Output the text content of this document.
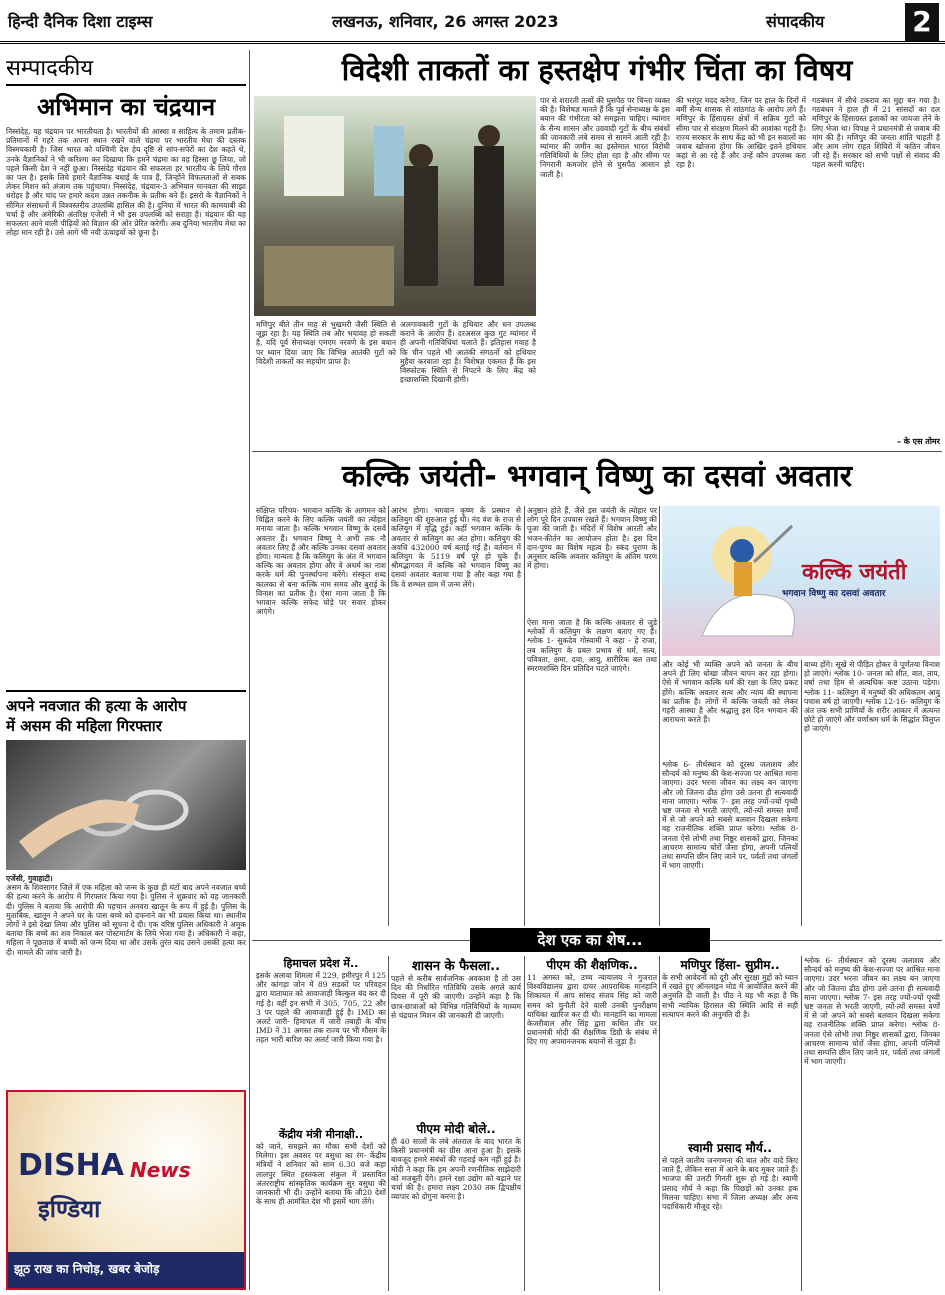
हिन्दी दैनिक दिशा टाइम्स	लखनऊ, शनिवार, 26 अगस्त 2023	संपादकीय	2
सम्पादकीय
अभिमान का चंद्रयान
निस्संदेह, यह चंद्रयान पर भारतीयता है। भारतीयों की आस्था व साहित्य के तमाम प्रतीक-प्रतिमानों में गहरे तक अपना स्थान रखने वाले चंद्रमा पर भारतीय मेधा की दस्तक विस्मयकारी है। जिस भारत को पश्चिमी देश हेय दृष्टि से सांप-सपेरों का देश कहते थे, उनके वैज्ञानिकों ने भी करिश्मा कर दिखाया कि हमने चंद्रमा का वह हिस्सा छू लिया, जो पहले किसी देश ने नहीं छुआ। निस्संदेह चंद्रयान की सफलता हर भारतीय के लिये गौरव का पल है। इसके लिये हमारे वैज्ञानिक बधाई के पात्र हैं, जिन्होंने विफलताओं से सबक लेकर मिशन को अंजाम तक पहुंचाया। निस्संदेह, चंद्रयान-3 अभियान मानवता की साझा धरोहर है और चांद पर हमारे कदम उन्नत तकनीक के प्रतीक बने हैं। इसरो के वैज्ञानिकों ने सीमित संसाधनों में विश्वस्तरीय उपलब्धि हासिल की है। दुनिया में भारत की कामयाबी की चर्चा है और अमेरिकी अंतरिक्ष एजेंसी ने भी इस उपलब्धि को सराहा है। चंद्रयान की यह सफलता आने वाली पीढ़ियों को विज्ञान की ओर प्रेरित करेगी। अब दुनिया भारतीय मेधा का लोहा मान रही है। उसे आगे भी नयी ऊंचाइयों को छूना है।
अपने नवजात की हत्या के आरोप
में असम की महिला गिरफ्तार
एजेंसी, गुवाहाटी।
असम के शिवसागर जिले में एक महिला को जन्म के कुछ ही घंटों बाद अपने नवजात बच्चे की हत्या करने के आरोप में गिरफ्तार किया गया है। पुलिस ने शुक्रवार को यह जानकारी दी। पुलिस ने बताया कि आरोपी की पहचान अनवरा खातून के रूप में हुई है। पुलिस के मुताबिक, खातून ने अपने घर के पास बच्चे को दफनाने का भी प्रयास किया था। स्थानीय लोगों ने इसे देखा लिया और पुलिस को सूचना दे दी। एक वरिष्ठ पुलिस अधिकारी ने अमुक बताया कि बच्चे का शव निकाल कर पोस्टमार्टम के लिये भेजा गया है। अधिकारी ने कहा, महिला ने पूछताछ में बच्ची को जन्म दिया था और उसके तुरंत बाद उसने उसकी हत्या कर दी। मामले की जांच जारी है।
DISHA News
इण्डिया
झूठ राख का निचोड़, खबर बेजोड़
विदेशी ताकतों का हस्तक्षेप गंभीर चिंता का विषय
मणिपुर बीते तीन माह से भुखमरी जैसी स्थिति से जूझ रहा है। यह स्थिति तब और भयावह हो सकती है, यदि पूर्व सेनाध्यक्ष एमएम नरवणे के इस बयान पर ध्यान दिया जाए कि विभिन्न आतंकी गुटों को विदेशी ताकतों का सहयोग प्राप्त है।
अलगावकारी गुटों के हथियार और धन उपलब्ध कराने के आरोप हैं। दरअसल कुछ गुट म्यांमार में ही अपनी गतिविधियां चलाते हैं। इतिहास गवाह है कि चीन पहले भी आतंकी संगठनों को हथियार मुहैया करवाता रहा है। विशेषज्ञ एकमत हैं कि इस विस्फोटक स्थिति से निपटने के लिए केंद्र को इच्छाशक्ति दिखानी होगी।
पार से शरारती तत्वों की घुसपैठ पर चिन्ता व्यक्त की है। विशेषज्ञ मानते हैं कि पूर्व सेनाध्यक्ष के इस बयान की गंभीरता को समझना चाहिए। म्यांमार के सैन्य शासन और उग्रवादी गुटों के बीच संबंधों की जानकारी लंबे समय से सामने आती रही है। म्यांमार की जमीन का इस्तेमाल भारत विरोधी गतिविधियों के लिए होता रहा है और सीमा पर निगरानी कमजोर होने से घुसपैठ आसान हो जाती है।
की भरपूर मदद करेगा, जिन पर हाल के दिनों में बर्मी सैन्य शासक से सांठगांठ के आरोप लगे हैं। मणिपुर के हिंसाग्रस्त क्षेत्रों में सक्रिय गुटों को सीमा पार से संरक्षण मिलने की आशंका गहरी है। राज्य सरकार के साथ केंद्र को भी इन सवालों का जवाब खोजना होगा कि आखिर इतने हथियार कहां से आ रहे हैं और उन्हें कौन उपलब्ध करा रहा है।
गठबंधन में सीधे टकराव का मुद्दा बन गया है। गठबंधन ने हाल ही में 21 सांसदों का दल मणिपुर के हिंसाग्रस्त इलाकों का जायजा लेने के लिए भेजा था। विपक्ष ने प्रधानमंत्री से जवाब की मांग की है। मणिपुर की जनता शांति चाहती है और आम लोग राहत शिविरों में कठिन जीवन जी रहे हैं। सरकार को सभी पक्षों से संवाद की पहल करनी चाहिए।
– के एस तोमर
कल्कि जयंती- भगवान् विष्णु का दसवां अवतार
संक्षिप्त परिचय- भगवान कल्कि के आगमन को चिह्नित करने के लिए कल्कि जयंती का त्योहार मनाया जाता है। कल्कि भगवान विष्णु के दसवें अवतार हैं। भगवान विष्णु ने अभी तक नौ अवतार लिए हैं और कल्कि उनका दसवां अवतार होगा। मान्यता है कि कलियुग के अंत में भगवान कल्कि का अवतार होगा और वे अधर्म का नाश करके धर्म की पुनर्स्थापना करेंगे। संस्कृत शब्द कालका से बना कल्कि नाम समय और बुराई के विनाश का प्रतीक है। ऐसा माना जाता है कि भगवान कल्कि सफेद घोड़े पर सवार होकर आएंगे।
आरंभ होगा। भगवान कृष्ण के प्रस्थान से कलियुग की शुरुआत हुई थी। नंद वंश के राज से कलियुग में वृद्धि हुई। कहीं भगवान कल्कि के अवतार से कलियुग का अंत होगा। कलियुग की अवधि 432000 वर्ष बताई गई है। वर्तमान में कलियुग के 5119 वर्ष पूरे हो चुके हैं। श्रीमद्भागवत में कल्कि को भगवान विष्णु का दसवां अवतार बताया गया है और कहा गया है कि वे शम्भल ग्राम में जन्म लेंगे।
अनुष्ठान होते हैं, जैसे इस जयंती के त्योहार पर लोग पूरे दिन उपवास रखते हैं। भगवान विष्णु की पूजा की जाती है। मंदिरों में विशेष आरती और भजन-कीर्तन का आयोजन होता है। इस दिन दान-पुण्य का विशेष महत्व है। स्कंद पुराण के अनुसार कल्कि अवतार कलियुग के अंतिम चरण में होगा।
ऐसा माना जाता है कि कल्कि अवतार से जुड़े श्लोकों में कलियुग के लक्षण बताए गए हैं। श्लोक 1- सुकदेव गोस्वामी ने कहा - हे राजा, तब कलियुग के प्रबल प्रभाव से धर्म, सत्य, पवित्रता, क्षमा, दया, आयु, शारीरिक बल तथा स्मरणशक्ति दिन प्रतिदिन घटते जाएंगे।
कल्कि जयंती
भगवान विष्णु का दसवां अवतार
और कोई भी व्यक्ति अपने को जनता के बीच अपने ही लिए धोखा जीवन यापन कर रहा होगा। ऐसे में भगवान कल्कि धर्म की रक्षा के लिए प्रकट होंगे। कल्कि अवतार सत्य और न्याय की स्थापना का प्रतीक है। लोगों में कल्कि जयंती को लेकर गहरी आस्था है और श्रद्धालु इस दिन भगवान की आराधना करते हैं।
श्लोक 6- तीर्थस्थान को दूरस्थ जलाशय और सौन्दर्य को मनुष्य की केश-सज्जा पर आश्रित माना जाएगा। उदर भरना जीवन का लक्ष्य बन जाएगा और जो जितना ढीठ होगा उसे उतना ही सत्यवादी माना जाएगा। श्लोक 7- इस तरह ज्यों-ज्यों पृथ्वी भ्रष्ट जनता से भरती जाएगी, त्यों-त्यों समस्त वर्णों में से जो अपने को सबसे बलवान दिखला सकेगा वह राजनीतिक शक्ति प्राप्त करेगा। श्लोक 8- जनता ऐसे लोभी तथा निष्ठुर शासकों द्वारा, जिनका आचरण सामान्य चोरों जैसा होगा, अपनी पत्नियों तथा सम्पत्ति छीन लिए जाने पर, पर्वतों तथा जंगलों में भाग जाएगी।
बाध्य होंगे। सूखे से पीड़ित होकर वे पूर्णतया विनाश हो जाएंगे। श्लोक 10- जनता को शीत, वात, ताप, वर्षा तथा हिम से अत्यधिक कष्ट उठाना पड़ेगा। श्लोक 11- कलियुग में मनुष्यों की अधिकतम आयु पचास वर्ष हो जाएगी। श्लोक 12-16- कलियुग के अंत तक सभी प्राणियों के शरीर आकार में अत्यन्त छोटे हो जाएंगे और वर्णाश्रम धर्म के सिद्धांत विलुप्त हो जाएंगे।
देश एक का शेष...
हिमाचल प्रदेश में..
इसके अलावा शिमला में 229, हमीरपुर में 125 और कांगड़ा जोन में 89 सड़कों पर परिवहन द्वारा यातायात को आवाजाही बिल्कुल बंद कर दी गई है। वहीं इन सभी में 305, 705, 22 और 3 पर पहले की आवाजाही हुई है। IMD का अलर्ट जारी- हिमाचल में जारी तबाही के बीच IMD ने 31 अगस्त तक राज्य पर भी मौसम के तहत भारी बारिश का अलर्ट जारी किया गया है।
केंद्रीय मंत्री मीनाक्षी..
को जाने, समझने का मौका सभी देशों को मिलेगा। इस अवसर पर वसुधा का रंग- केंद्रीय मंत्रियों ने शनिवार को साम 6.30 बजे कहा लालपुर स्थित हस्तकला संकुल में प्रस्तावित अंतरराष्ट्रीय सांस्कृतिक कार्यक्रम सुर वसुधा की जानकारी भी दी। उन्होंने बताया कि जी20 देशों के साथ ही आमंत्रित देश भी इसमें भाग लेंगे।
शासन के फैसला..
पहले से करीब सार्वजनिक अवकाश है तो उस दिन की निर्धारित गतिविधि उसके अगले कार्य दिवस में पूरी की जाएगी। उन्होंने कहा है कि छात्र-छात्राओं को विभिन्न गतिविधियों के माध्यम से चंद्रयान मिशन की जानकारी दी जाएगी।
पीएम मोदी बोले..
ही 40 सालों के लंबे अंतराल के बाद भारत के किसी प्रधानमंत्री का ग्रीस आना हुआ है। इसके बावजूद हमारे संबंधों की गहराई कम नहीं हुई है। मोदी ने कहा कि हम अपनी रणनीतिक साझेदारी को मजबूती देंगे। हमने रक्षा उद्योग को बढ़ाने पर चर्चा की है। हमारा लक्ष्य 2030 तक द्विपक्षीय व्यापार को दोगुना करना है।
पीएम की शैक्षणिक..
11 अगस्त को, उच्च न्यायालय ने गुजरात विश्वविद्यालय द्वारा दायर आपराधिक मानहानि शिकायत में आप सांसद संजय सिंह को जारी समन को चुनौती देने वाली उनकी पुनरीक्षण याचिका खारिज कर दी थी। मानहानि का मामला केजरीवाल और सिंह द्वारा कथित तौर पर प्रधानमंत्री मोदी की शैक्षणिक डिग्री के संबंध में दिए गए अपमानजनक बयानों से जुड़ा है।
मणिपुर हिंसा- सुप्रीम..
के सभी आवेदनों को दूरी और सुरक्षा मुद्दों को ध्यान में रखते हुए ऑनलाइन मोड में आयोजित करने की अनुमति दी जाती है। पीठ ने यह भी कहा है कि सभी न्यायिक हिरासत की स्थिति आदि से सही सत्यापन करने की अनुमति दी है।
स्वामी प्रसाद मौर्य..
से पहले जातीय जनगणना की बात और वादे किए जाते हैं, लेकिन सत्ता में आने के बाद मुकर जाते हैं। भाजपा की उलटी गिनती शुरू हो गई है। स्वामी प्रसाद मौर्य ने कहा कि पिछड़ों को उनका हक मिलना चाहिए। सभा में जिला अध्यक्ष और अन्य पदाधिकारी मौजूद रहे।
श्लोक 6- तीर्थस्थान को दूरस्थ जलाशय और सौन्दर्य को मनुष्य की केश-सज्जा पर आश्रित माना जाएगा। उदर भरना जीवन का लक्ष्य बन जाएगा और जो जितना ढीठ होगा उसे उतना ही सत्यवादी माना जाएगा। श्लोक 7- इस तरह ज्यों-ज्यों पृथ्वी भ्रष्ट जनता से भरती जाएगी, त्यों-त्यों समस्त वर्णों में से जो अपने को सबसे बलवान दिखला सकेगा वह राजनीतिक शक्ति प्राप्त करेगा। श्लोक 8- जनता ऐसे लोभी तथा निष्ठुर शासकों द्वारा, जिनका आचरण सामान्य चोरों जैसा होगा, अपनी पत्नियों तथा सम्पत्ति छीन लिए जाने पर, पर्वतों तथा जंगलों में भाग जाएगी।
